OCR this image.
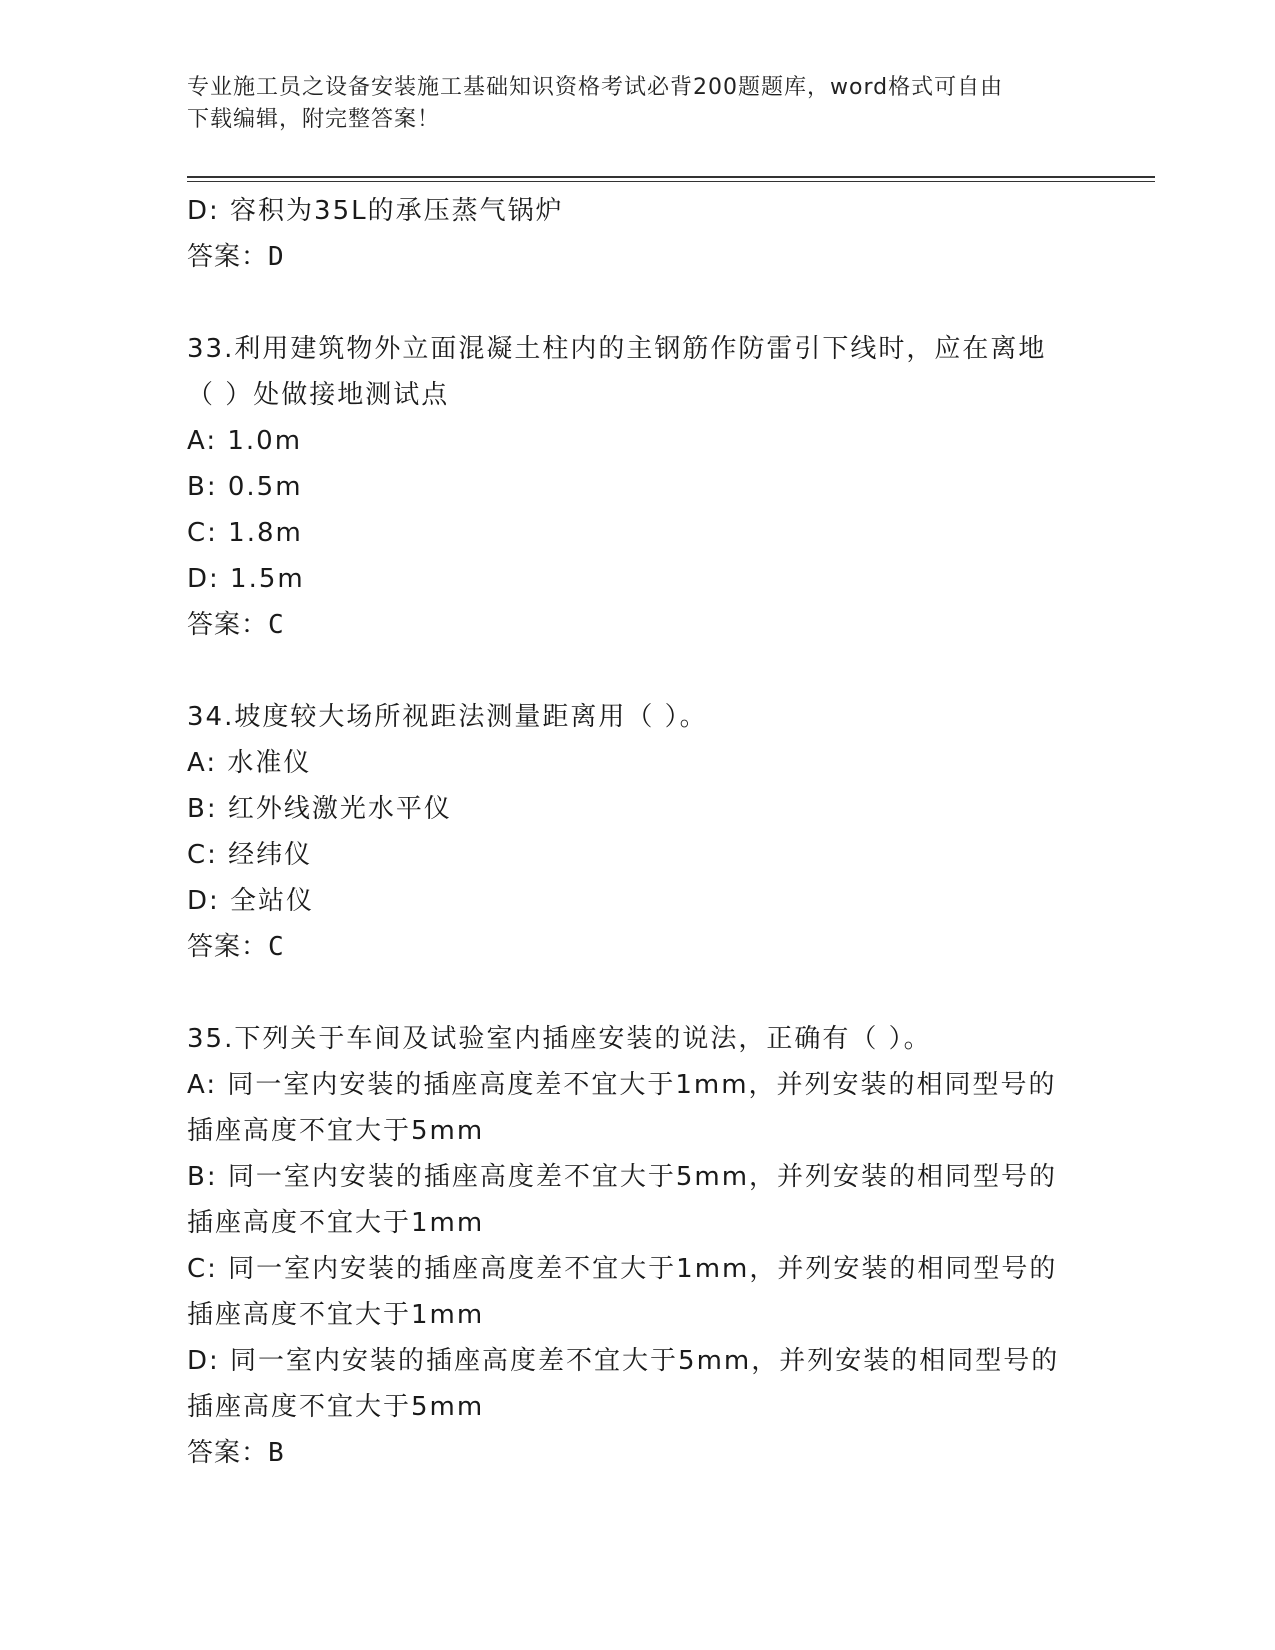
专业施工员之设备安装施工基础知识资格考试必背200题题库，word格式可自由
下载编辑，附完整答案！
D: 容积为35L的承压蒸气锅炉
答案：D
33.利用建筑物外立面混凝土柱内的主钢筋作防雷引下线时，应在离地
（ ）处做接地测试点
A: 1.0m
B: 0.5m
C: 1.8m
D: 1.5m
答案：C
34.坡度较大场所视距法测量距离用（ ）。
A: 水准仪
B: 红外线激光水平仪
C: 经纬仪
D: 全站仪
答案：C
35.下列关于车间及试验室内插座安装的说法，正确有（ ）。
A: 同一室内安装的插座高度差不宜大于1mm，并列安装的相同型号的
插座高度不宜大于5mm
B: 同一室内安装的插座高度差不宜大于5mm，并列安装的相同型号的
插座高度不宜大于1mm
C: 同一室内安装的插座高度差不宜大于1mm，并列安装的相同型号的
插座高度不宜大于1mm
D: 同一室内安装的插座高度差不宜大于5mm，并列安装的相同型号的
插座高度不宜大于5mm
答案：B
